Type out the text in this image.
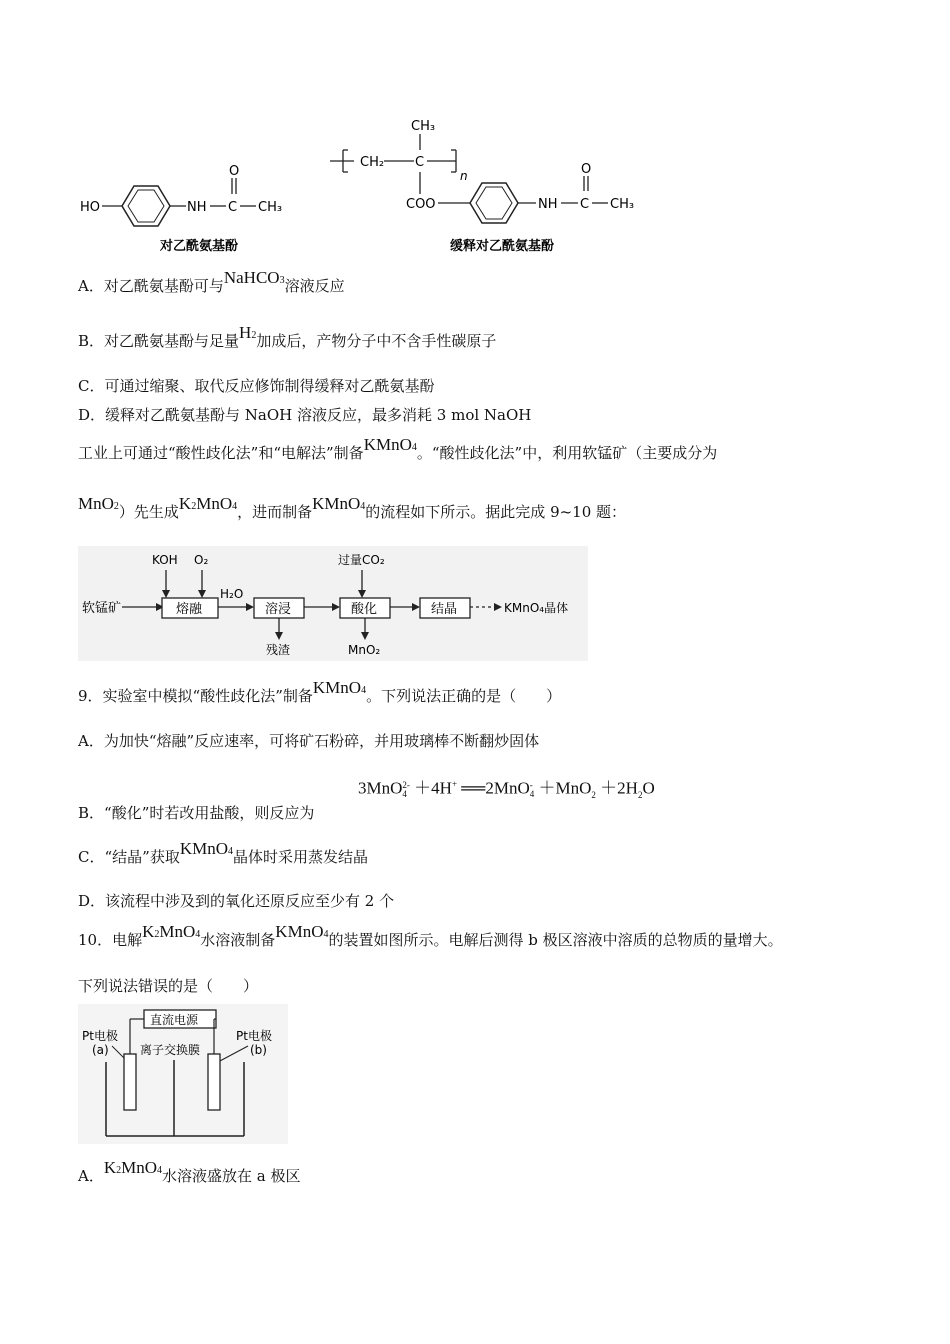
HO	NH C
O
CH₃
对乙酰氨基酚
CH₂ C
CH₃
n
COO	NH C
O
CH₃
缓释对乙酰氨基酚
A．对乙酰氨基酚可与NaHCO3溶液反应
B．对乙酰氨基酚与足量H2加成后，产物分子中不含手性碳原子
C．可通过缩聚、取代反应修饰制得缓释对乙酰氨基酚
D．缓释对乙酰氨基酚与 NaOH 溶液反应，最多消耗 3 mol NaOH
工业上可通过“酸性歧化法”和“电解法”制备KMnO4。“酸性歧化法”中，利用软锰矿（主要成分为
MnO2）先生成K2MnO4，进而制备KMnO4的流程如下所示。据此完成 9~10 题：
软锰矿
KOH O₂
熔融
H₂O
溶浸
残渣
过量CO₂
酸化
MnO₂
结晶	KMnO₄晶体
9．实验室中模拟“酸性歧化法”制备KMnO4。下列说法正确的是（　　）
A．为加快“熔融”反应速率，可将矿石粉碎，并用玻璃棒不断翻炒固体
3MnO 2-
4 ＋4H+ ══2MnO -
$4 +MnO_2 +2H_2O$
B．“酸化”时若改用盐酸，则反应为
C．“结晶”获取KMnO4晶体时采用蒸发结晶
D．该流程中涉及到的氧化还原反应至少有 2 个
10．电解K2MnO4水溶液制备KMnO4的装置如图所示。电解后测得 b 极区溶液中溶质的总物质的量增大。
下列说法错误的是（　　）
直流电源
Pt电极
(a)	离子交换膜
Pt电极
(b)
A．K2MnO4水溶液盛放在 a 极区
